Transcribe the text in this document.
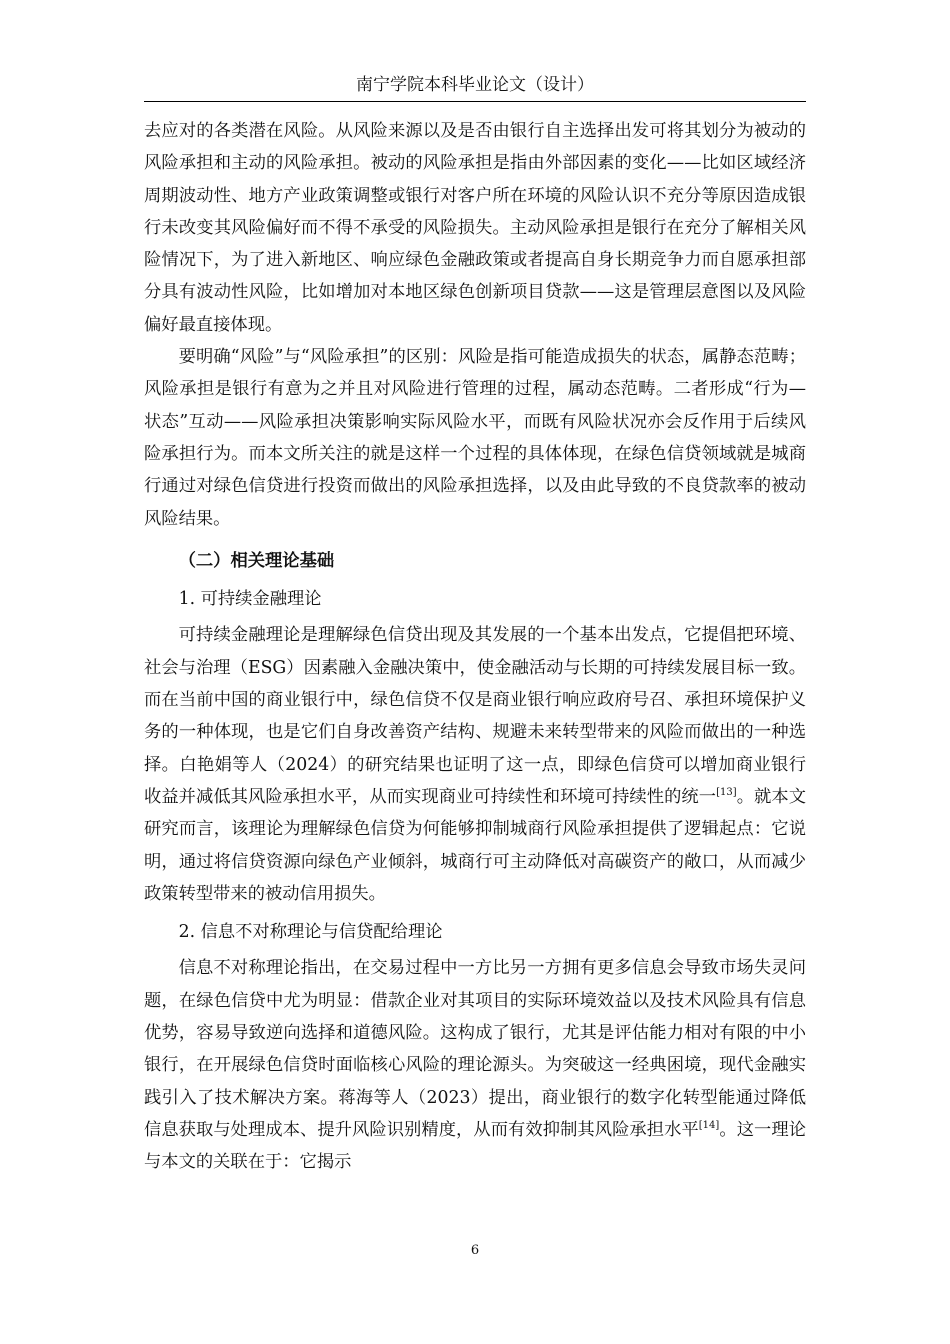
南宁学院本科毕业论文（设计）

去应对的各类潜在风险。从风险来源以及是否由银行自主选择出发可将其划分为被动的风险承担和主动的风险承担。被动的风险承担是指由外部因素的变化——比如区域经济周期波动性、地方产业政策调整或银行对客户所在环境的风险认识不充分等原因造成银行未改变其风险偏好而不得不承受的风险损失。主动风险承担是银行在充分了解相关风险情况下，为了进入新地区、响应绿色金融政策或者提高自身长期竞争力而自愿承担部分具有波动性风险，比如增加对本地区绿色创新项目贷款——这是管理层意图以及风险偏好最直接体现。

要明确“风险”与“风险承担”的区别：风险是指可能造成损失的状态，属静态范畴；风险承担是银行有意为之并且对风险进行管理的过程，属动态范畴。二者形成“行为—状态”互动——风险承担决策影响实际风险水平，而既有风险状况亦会反作用于后续风险承担行为。而本文所关注的就是这样一个过程的具体体现，在绿色信贷领域就是城商行通过对绿色信贷进行投资而做出的风险承担选择，以及由此导致的不良贷款率的被动风险结果。

（二）相关理论基础

1. 可持续金融理论

可持续金融理论是理解绿色信贷出现及其发展的一个基本出发点，它提倡把环境、社会与治理（ESG）因素融入金融决策中，使金融活动与长期的可持续发展目标一致。而在当前中国的商业银行中，绿色信贷不仅是商业银行响应政府号召、承担环境保护义务的一种体现，也是它们自身改善资产结构、规避未来转型带来的风险而做出的一种选择。白艳娟等人（2024）的研究结果也证明了这一点，即绿色信贷可以增加商业银行收益并减低其风险承担水平，从而实现商业可持续性和环境可持续性的统一[13]。就本文研究而言，该理论为理解绿色信贷为何能够抑制城商行风险承担提供了逻辑起点：它说明，通过将信贷资源向绿色产业倾斜，城商行可主动降低对高碳资产的敞口，从而减少政策转型带来的被动信用损失。

2. 信息不对称理论与信贷配给理论

信息不对称理论指出，在交易过程中一方比另一方拥有更多信息会导致市场失灵问题，在绿色信贷中尤为明显：借款企业对其项目的实际环境效益以及技术风险具有信息优势，容易导致逆向选择和道德风险。这构成了银行，尤其是评估能力相对有限的中小银行，在开展绿色信贷时面临核心风险的理论源头。为突破这一经典困境，现代金融实践引入了技术解决方案。蒋海等人（2023）提出，商业银行的数字化转型能通过降低信息获取与处理成本、提升风险识别精度，从而有效抑制其风险承担水平[14]。这一理论与本文的关联在于：它揭示

6
